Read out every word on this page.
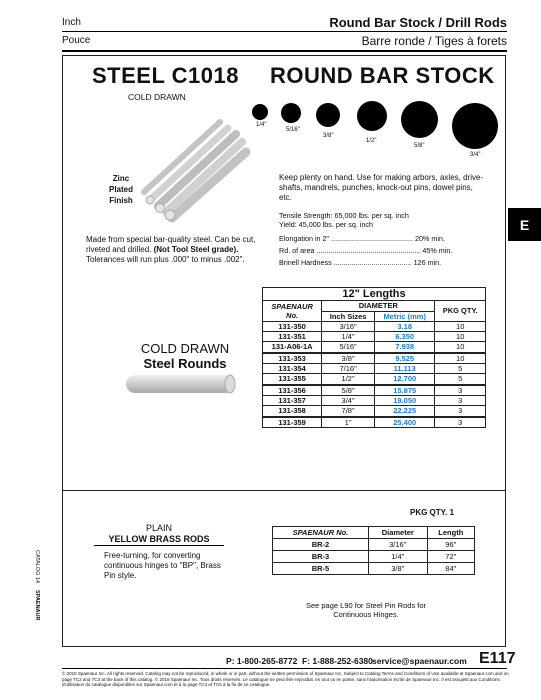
Inch	Round Bar Stock / Drill Rods
Pouce	Barre ronde / Tiges à forets
E
STEEL C1018 ROUND BAR STOCK
COLD DRAWN
1/4"
5/16"
3/8"
1/2"
5/8"
3/4"
Zinc
Plated
Finish
Keep plenty on hand. Use for making arbors, axles, drive-shafts, mandrels, punches, knock-out pins, dowel pins, etc.
Tensile Strength: 65,000 lbs. per sq. inch
Yield: 45,000 lbs. per sq. inch
Elongation in 2" ......................................... 20% min.
Rd. of area .................................................... 45% min.
Brinell Hardness ....................................... 126 min.
Made from special bar-quality steel. Can be cut, riveted and drilled. (Not Tool Steel grade). Tolerances will run plus .000" to minus .002".
COLD DRAWN
Steel Rounds
12" Lengths			

SPAENAUR
No.	DIAMETER		PKG QTY.
	Inch Sizes	Metric (mm)	
131-350	3/16"	3.18	10
131-351	1/4"	6.350	10
131-A06-1A	5/16"	7.938	10
131-353	3/8"	9.525	10
131-354	7/16"	11.113	5
131-355	1/2"	12.700	5
131-356	5/8"	15.875	3
131-357	3/4"	19.050	3
131-358	7/8"	22.225	3
131-359	1"	25.400	3
PKG QTY. 1
PLAIN
YELLOW BRASS RODS
Free-turning, for converting continuous hinges to "BP", Brass Pin style.
SPAENAUR No.	Diameter	Length
BR-2	3/16"	96"
BR-3	1/4"	72"
BR-5	3/8"	84"
See page L90 for Steel Pin Rods for Continuous Hinges.
CATALOG 14
SPAENAUR
P: 1-800-265-8772 F: 1-888-252-6380 service@spaenaur.com E117
© 2018 Spaenaur Inc. All rights reserved. Catalog may not be reproduced, in whole or in part, without the written permission of Spaenaur Inc. Subject to Catalog Terms and Conditions of Use available at Spaenaur.com and on page TC2 and TC3 at the back of this catalog. © 2018 Spaenaur Inc. Tous droits réservés. Le catalogue ne peut être reproduit, en tout ou en partie, sans l'autorisation écrite de Spaenaur Inc. Il est assujetti aux Conditions d'utilisation du catalogue disponibles sur Spaenaur.com et à la page TC4 et TC5 à la fin de ce catalogue.
